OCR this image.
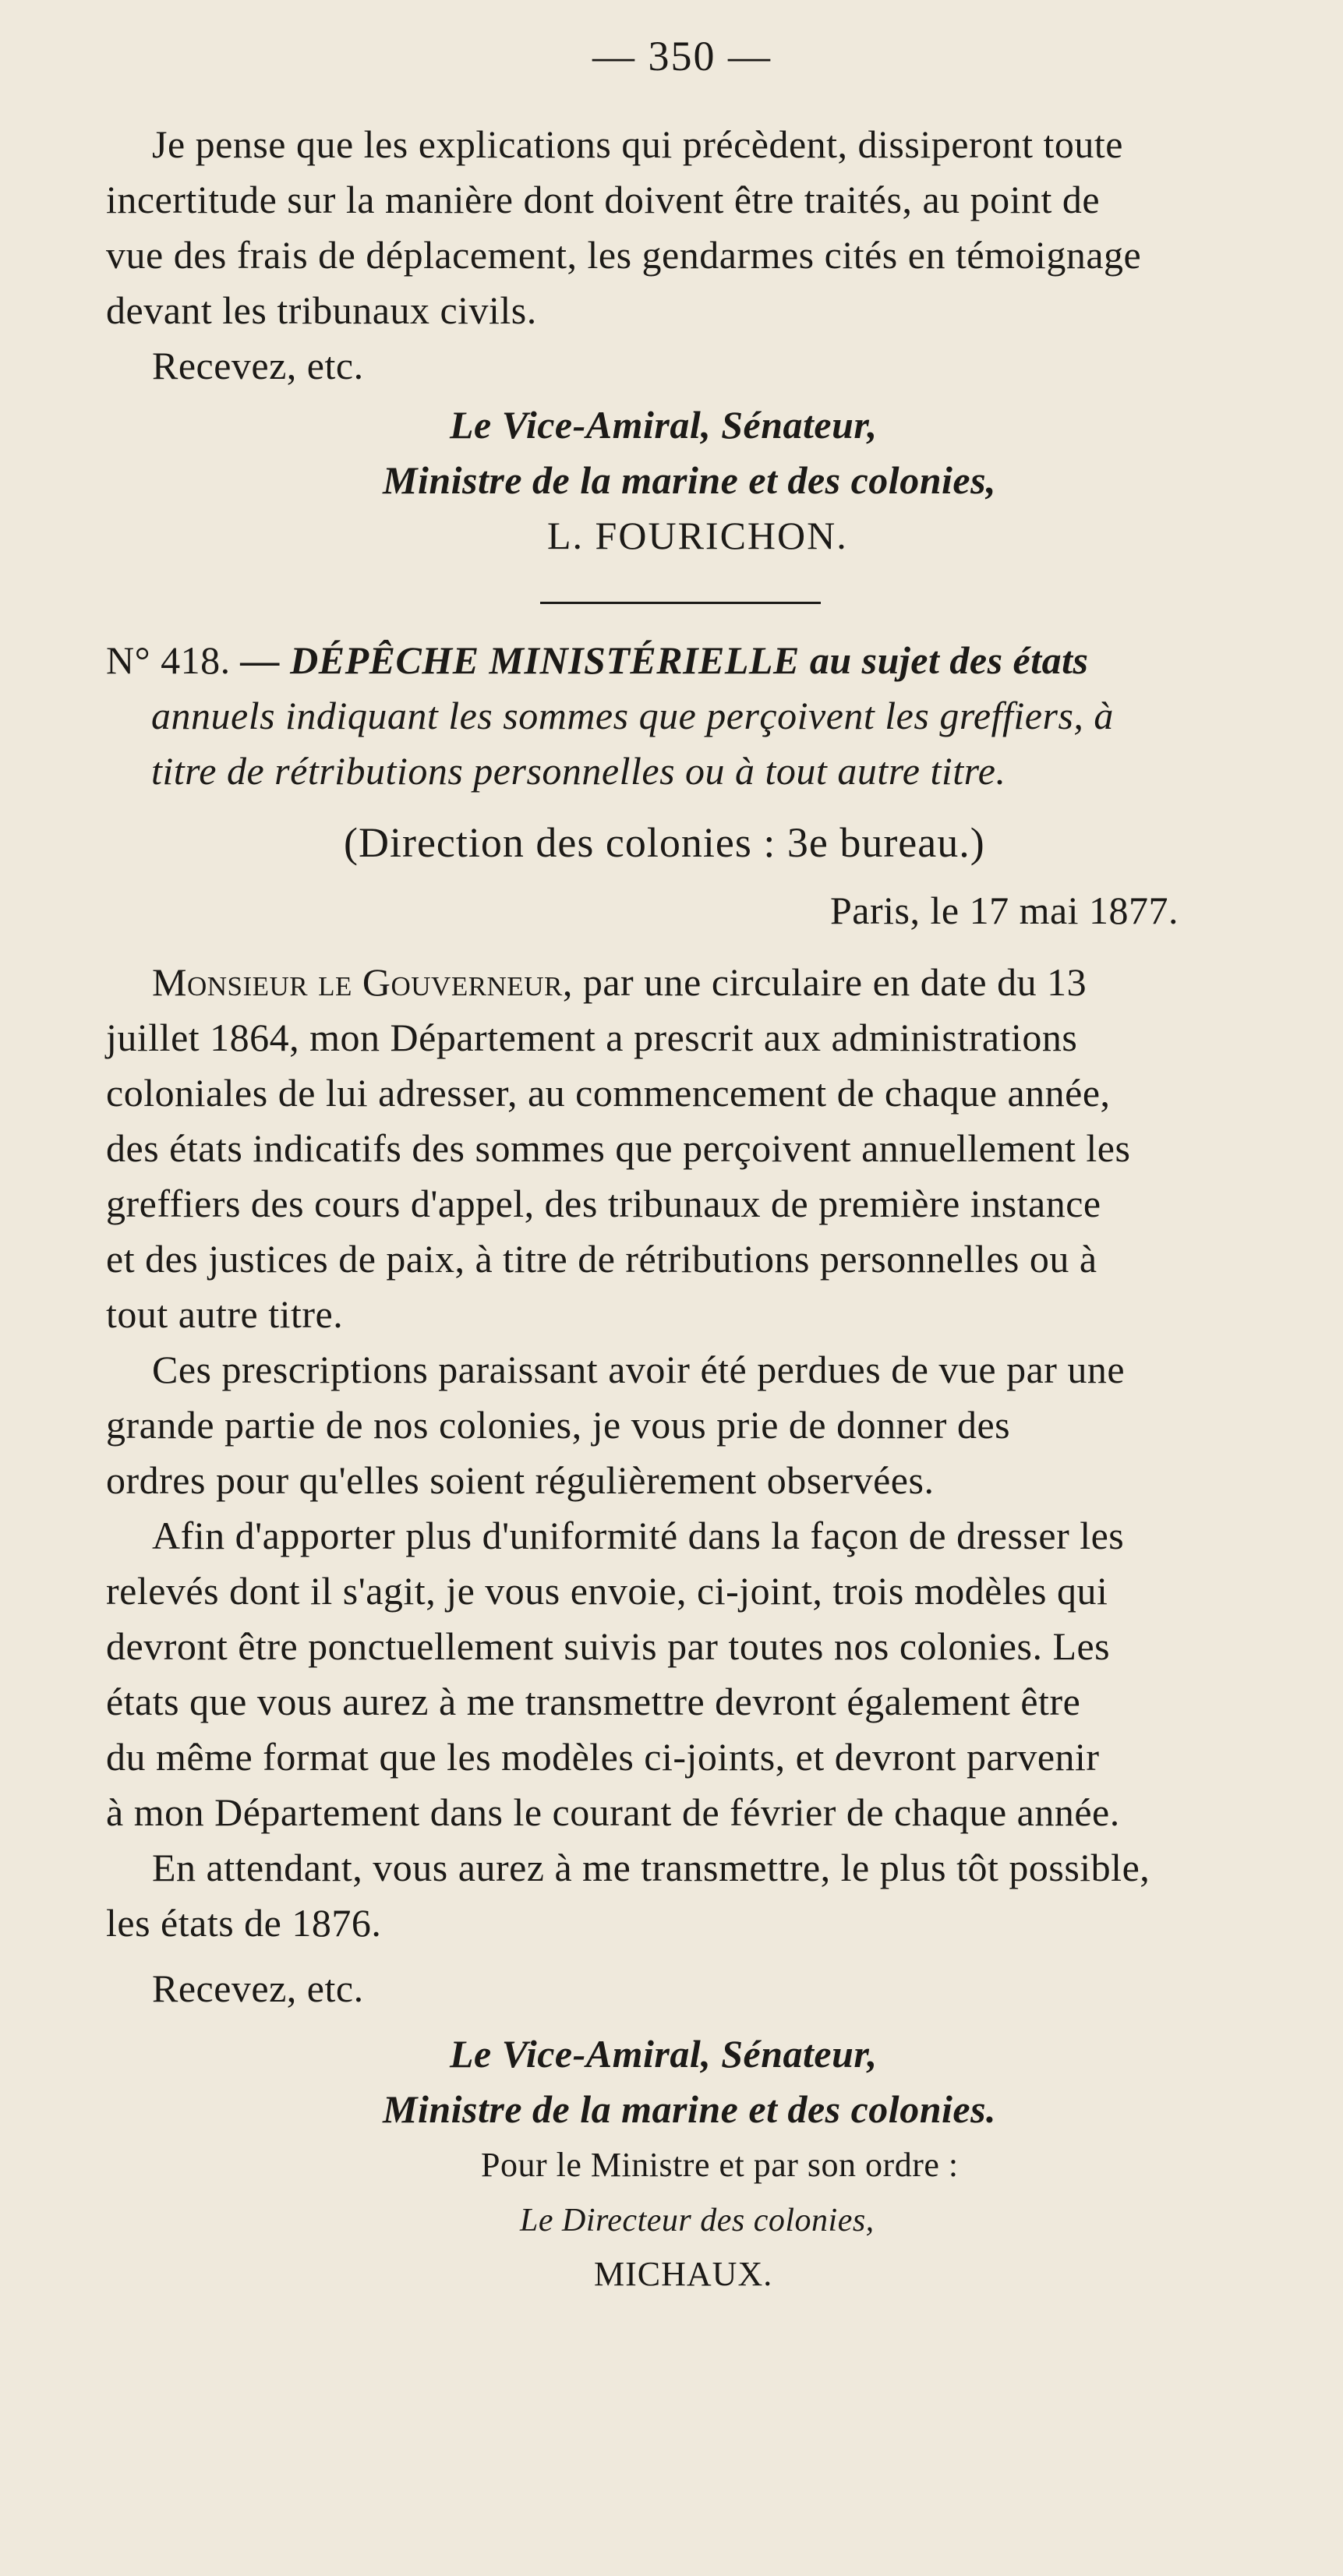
— 350 —
Je pense que les explications qui précèdent, dissiperont toute
incertitude sur la manière dont doivent être traités, au point de
vue des frais de déplacement, les gendarmes cités en témoignage
devant les tribunaux civils.
Recevez, etc.
Le Vice-Amiral, Sénateur,
Ministre de la marine et des colonies,
L. FOURICHON.
N° 418. — DÉPÊCHE MINISTÉRIELLE au sujet des états
annuels indiquant les sommes que perçoivent les greffiers, à
titre de rétributions personnelles ou à tout autre titre.
(Direction des colonies : 3e bureau.)
Paris, le 17 mai 1877.
Monsieur le Gouverneur, par une circulaire en date du 13
juillet 1864, mon Département a prescrit aux administrations
coloniales de lui adresser, au commencement de chaque année,
des états indicatifs des sommes que perçoivent annuellement les
greffiers des cours d'appel, des tribunaux de première instance
et des justices de paix, à titre de rétributions personnelles ou à
tout autre titre.
Ces prescriptions paraissant avoir été perdues de vue par une
grande partie de nos colonies, je vous prie de donner des
ordres pour qu'elles soient régulièrement observées.
Afin d'apporter plus d'uniformité dans la façon de dresser les
relevés dont il s'agit, je vous envoie, ci-joint, trois modèles qui
devront être ponctuellement suivis par toutes nos colonies. Les
états que vous aurez à me transmettre devront également être
du même format que les modèles ci-joints, et devront parvenir
à mon Département dans le courant de février de chaque année.
En attendant, vous aurez à me transmettre, le plus tôt possible,
les états de 1876.
Recevez, etc.
Le Vice-Amiral, Sénateur,
Ministre de la marine et des colonies.
Pour le Ministre et par son ordre :
Le Directeur des colonies,
MICHAUX.
